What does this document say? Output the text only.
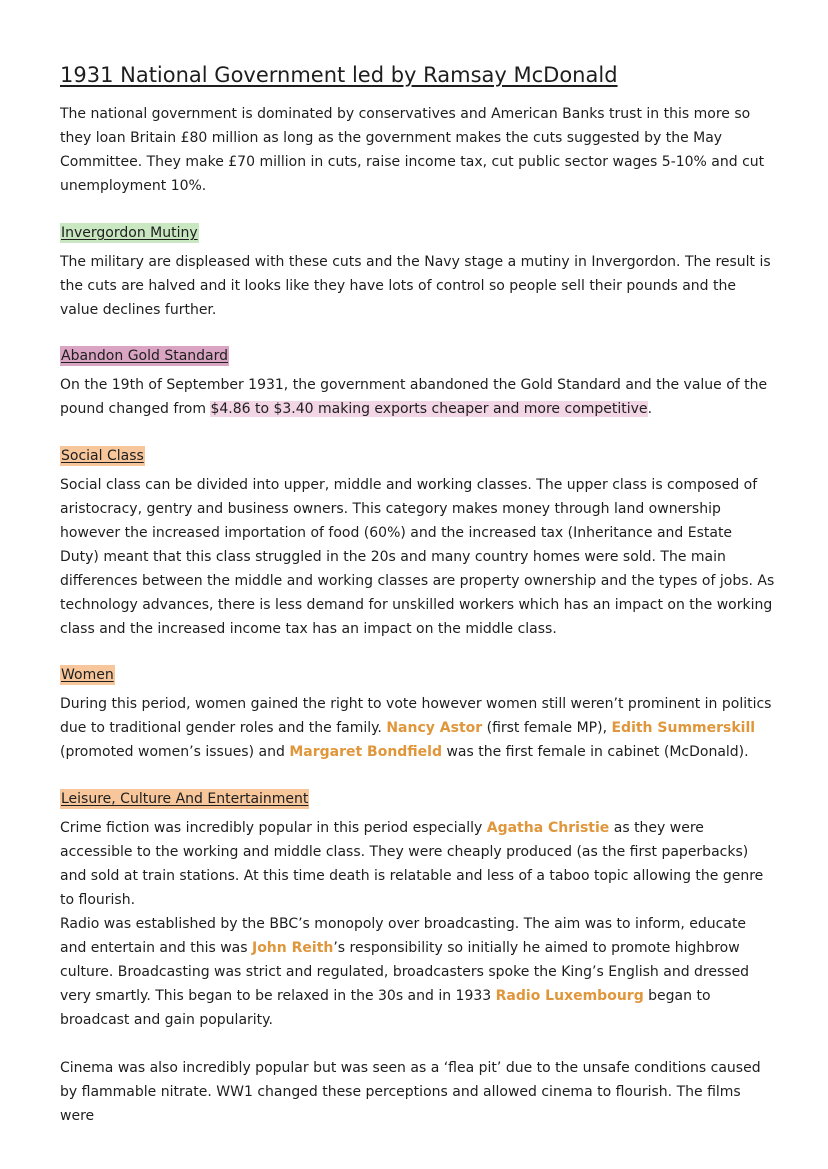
1931 National Government led by Ramsay McDonald

The national government is dominated by conservatives and American Banks trust in this more so they loan Britain £80 million as long as the government makes the cuts suggested by the May Committee. They make £70 million in cuts, raise income tax, cut public sector wages 5-10% and cut unemployment 10%.

Invergordon Mutiny

The military are displeased with these cuts and the Navy stage a mutiny in Invergordon. The result is the cuts are halved and it looks like they have lots of control so people sell their pounds and the value declines further.

Abandon Gold Standard

On the 19th of September 1931, the government abandoned the Gold Standard and the value of the pound changed from $4.86 to $3.40 making exports cheaper and more competitive.

Social Class

Social class can be divided into upper, middle and working classes. The upper class is composed of aristocracy, gentry and business owners. This category makes money through land ownership however the increased importation of food (60%) and the increased tax (Inheritance and Estate Duty) meant that this class struggled in the 20s and many country homes were sold. The main differences between the middle and working classes are property ownership and the types of jobs. As technology advances, there is less demand for unskilled workers which has an impact on the working class and the increased income tax has an impact on the middle class.

Women

During this period, women gained the right to vote however women still weren’t prominent in politics due to traditional gender roles and the family. Nancy Astor (first female MP), Edith Summerskill (promoted women’s issues) and Margaret Bondfield was the first female in cabinet (McDonald).

Leisure, Culture And Entertainment

Crime fiction was incredibly popular in this period especially Agatha Christie as they were accessible to the working and middle class. They were cheaply produced (as the first paperbacks) and sold at train stations. At this time death is relatable and less of a taboo topic allowing the genre to flourish.

Radio was established by the BBC’s monopoly over broadcasting. The aim was to inform, educate and entertain and this was John Reith’s responsibility so initially he aimed to promote highbrow culture. Broadcasting was strict and regulated, broadcasters spoke the King’s English and dressed very smartly. This began to be relaxed in the 30s and in 1933 Radio Luxembourg began to broadcast and gain popularity.

Cinema was also incredibly popular but was seen as a ‘flea pit’ due to the unsafe conditions caused by flammable nitrate. WW1 changed these perceptions and allowed cinema to flourish. The films were
